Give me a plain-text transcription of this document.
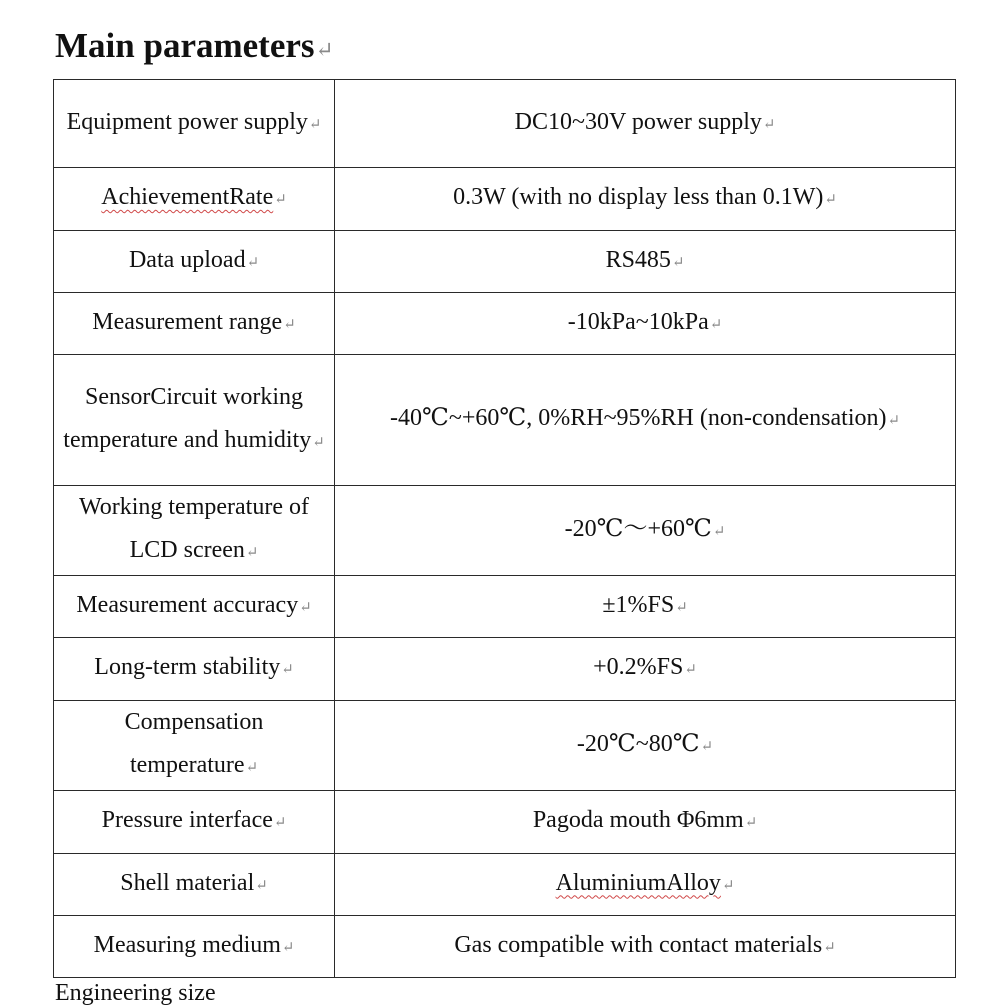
Main parameters↵
Equipment power supply↵	DC10~30V power supply↵
AchievementRate↵	0.3W (with no display less than 0.1W)↵
Data upload↵	RS485↵
Measurement range↵	-10kPa~10kPa↵
SensorCircuit working temperature and humidity↵	-40℃~+60℃, 0%RH~95%RH (non-condensation)↵
Working temperature of LCD screen↵	-20℃～+60℃↵
Measurement accuracy↵	±1%FS↵
Long-term stability↵	+0.2%FS↵
Compensation temperature↵	-20℃~80℃↵
Pressure interface↵	Pagoda mouth Φ6mm↵
Shell material↵	AluminiumAlloy↵
Measuring medium↵	Gas compatible with contact materials↵
Engineering size
